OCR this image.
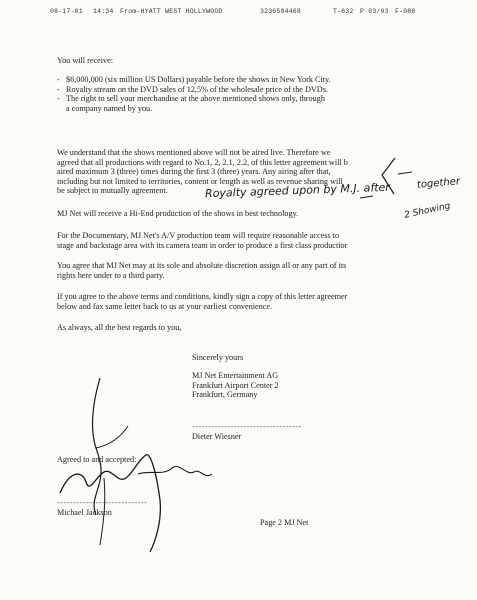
08-17-01 14:34 From-HYATT WEST HOLLYWOOD	3236504468	T-632 P 03/03 F-080
You will receive:
- $6,000,000 (six million US Dollars) payable before the shows in New York City.
- Royalty stream on the DVD sales of 12,5% of the wholesale price of the DVDs.
- The right to sell your merchandise at the above mentioned shows only, through
a company named by you.
We understand that the shows mentioned above will not be aired live. Therefore we
agreed that all productions with regard to No.1, 2, 2.1, 2.2, of this letter agreement will b
aired maximum 3 (three) times during the first 3 (three) years. Any airing after that,
including but not limited to territories, content or length as well as revenue sharing will
be subject to mutually agreement.
MJ Net will receive a Hi-End production of the shows in best technology.
For the Documentary, MJ Net's A/V production team will require reasonable access to
stage and backstage area with its camera team in order to produce a first class productior
You agree that MJ Net may at its sole and absolute discretion assign all or any part of its
rights here under to a third party.
If you agree to the above terms and conditions, kindly sign a copy of this letter agreemer
below and fax same letter back to us at your earliest convenience.
As always, all the best regards to you,
Sincerely yours
MJ Net Entertainment AG
Frankfurt Airport Center 2
Frankfurt, Germany
----------------------------------
Dieter Wiesner
Agreed to and accepted:
----------------------------
Michael Jackson
Page 2 MJ Net
Royalty agreed upon by M.J. after	together
2 Showing
